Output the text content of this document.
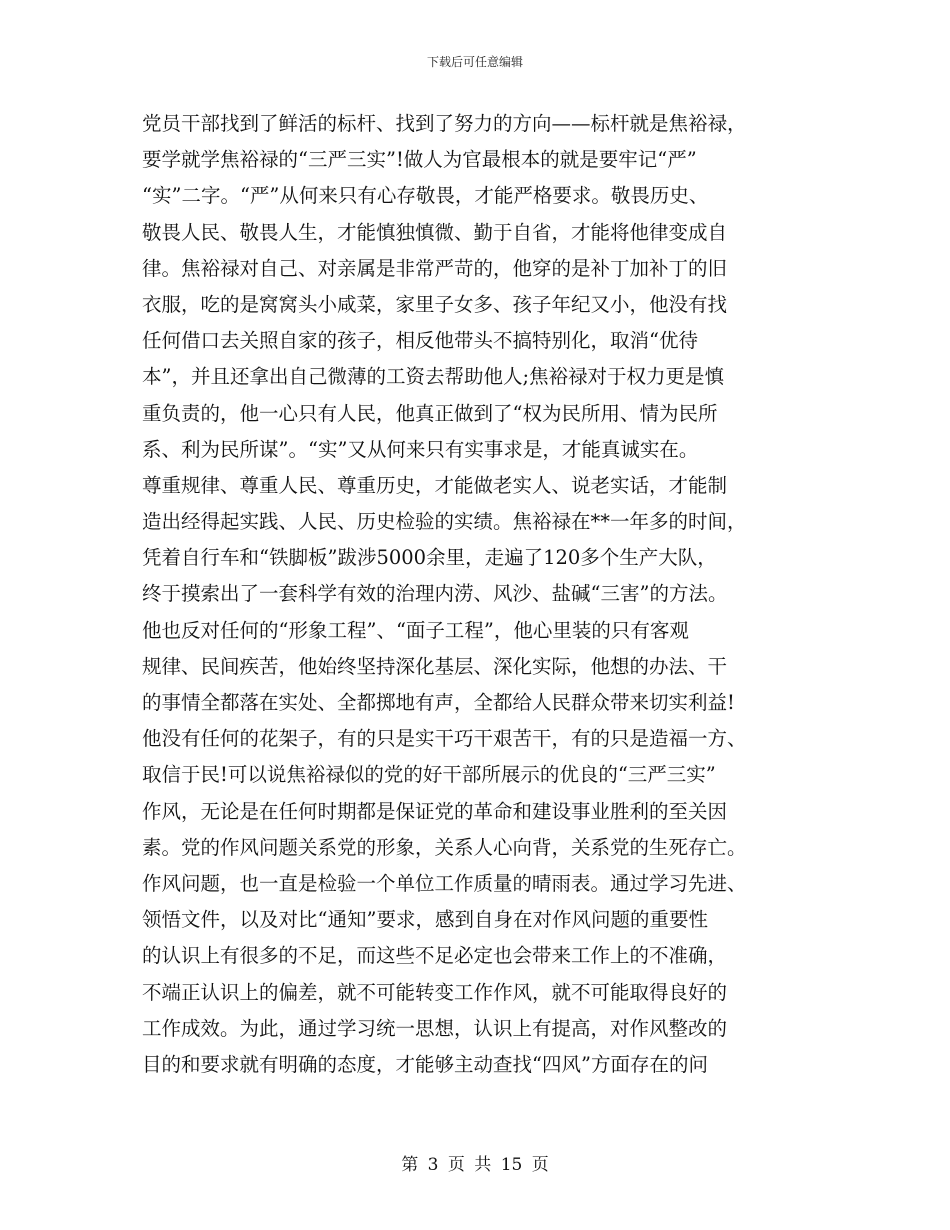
下载后可任意编辑
党员干部找到了鲜活的标杆、找到了努力的方向——标杆就是焦裕禄，
要学就学焦裕禄的“三严三实”!做人为官最根本的就是要牢记“严”
“实”二字。“严”从何来只有心存敬畏，才能严格要求。敬畏历史、
敬畏人民、敬畏人生，才能慎独慎微、勤于自省，才能将他律变成自
律。焦裕禄对自己、对亲属是非常严苛的，他穿的是补丁加补丁的旧
衣服，吃的是窝窝头小咸菜，家里子女多、孩子年纪又小，他没有找
任何借口去关照自家的孩子，相反他带头不搞特别化，取消“优待
本”，并且还拿出自己微薄的工资去帮助他人;焦裕禄对于权力更是慎
重负责的，他一心只有人民，他真正做到了“权为民所用、情为民所
系、利为民所谋”。“实”又从何来只有实事求是，才能真诚实在。
尊重规律、尊重人民、尊重历史，才能做老实人、说老实话，才能制
造出经得起实践、人民、历史检验的实绩。焦裕禄在**一年多的时间，
凭着自行车和“铁脚板”跋涉5000余里，走遍了120多个生产大队，
终于摸索出了一套科学有效的治理内涝、风沙、盐碱“三害”的方法。
他也反对任何的“形象工程”、“面子工程”，他心里装的只有客观
规律、民间疾苦，他始终坚持深化基层、深化实际，他想的办法、干
的事情全都落在实处、全都掷地有声，全都给人民群众带来切实利益!
他没有任何的花架子，有的只是实干巧干艰苦干，有的只是造福一方、
取信于民!可以说焦裕禄似的党的好干部所展示的优良的“三严三实”
作风，无论是在任何时期都是保证党的革命和建设事业胜利的至关因
素。党的作风问题关系党的形象，关系人心向背，关系党的生死存亡。
作风问题，也一直是检验一个单位工作质量的晴雨表。通过学习先进、
领悟文件，以及对比“通知”要求，感到自身在对作风问题的重要性
的认识上有很多的不足，而这些不足必定也会带来工作上的不准确，
不端正认识上的偏差，就不可能转变工作作风，就不可能取得良好的
工作成效。为此，通过学习统一思想，认识上有提高，对作风整改的
目的和要求就有明确的态度，才能够主动查找“四风”方面存在的问
第 3 页 共 15 页
